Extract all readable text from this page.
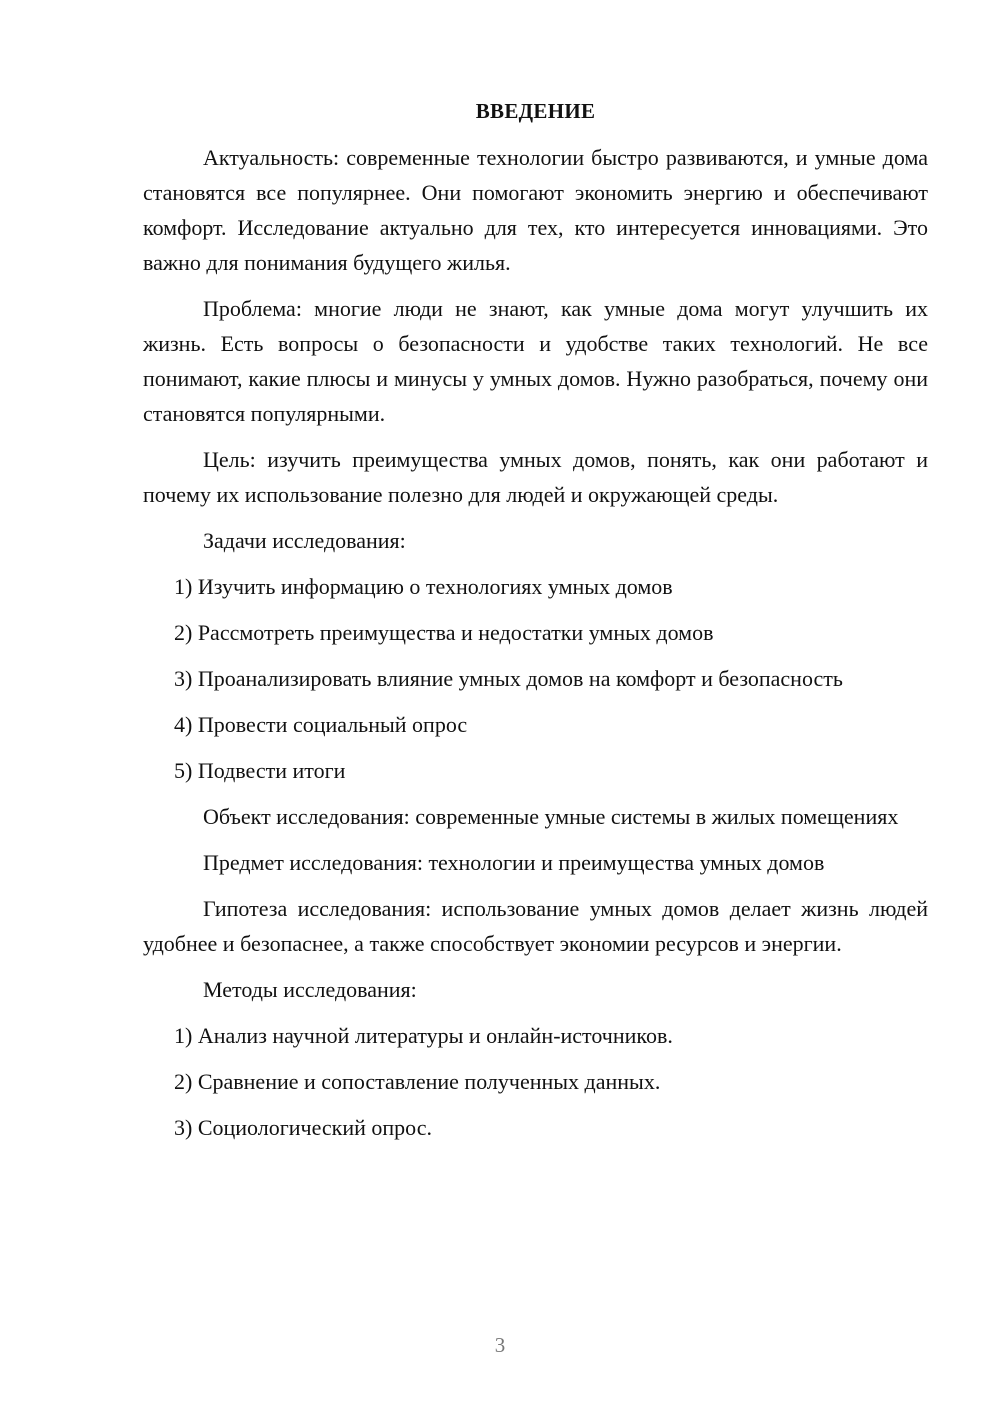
ВВЕДЕНИЕ

Актуальность: современные технологии быстро развиваются, и умные дома становятся все популярнее. Они помогают экономить энергию и обеспечивают комфорт. Исследование актуально для тех, кто интересуется инновациями. Это важно для понимания будущего жилья.

Проблема: многие люди не знают, как умные дома могут улучшить их жизнь. Есть вопросы о безопасности и удобстве таких технологий. Не все понимают, какие плюсы и минусы у умных домов. Нужно разобраться, почему они становятся популярными.

Цель: изучить преимущества умных домов, понять, как они работают и почему их использование полезно для людей и окружающей среды.

Задачи исследования:

1) Изучить информацию о технологиях умных домов

2) Рассмотреть преимущества и недостатки умных домов

3) Проанализировать влияние умных домов на комфорт и безопасность

4) Провести социальный опрос

5) Подвести итоги

Объект исследования: современные умные системы в жилых помещениях

Предмет исследования: технологии и преимущества умных домов

Гипотеза исследования: использование умных домов делает жизнь людей удобнее и безопаснее, а также способствует экономии ресурсов и энергии.

Методы исследования:

1) Анализ научной литературы и онлайн-источников.

2) Сравнение и сопоставление полученных данных.

3) Социологический опрос.

3
